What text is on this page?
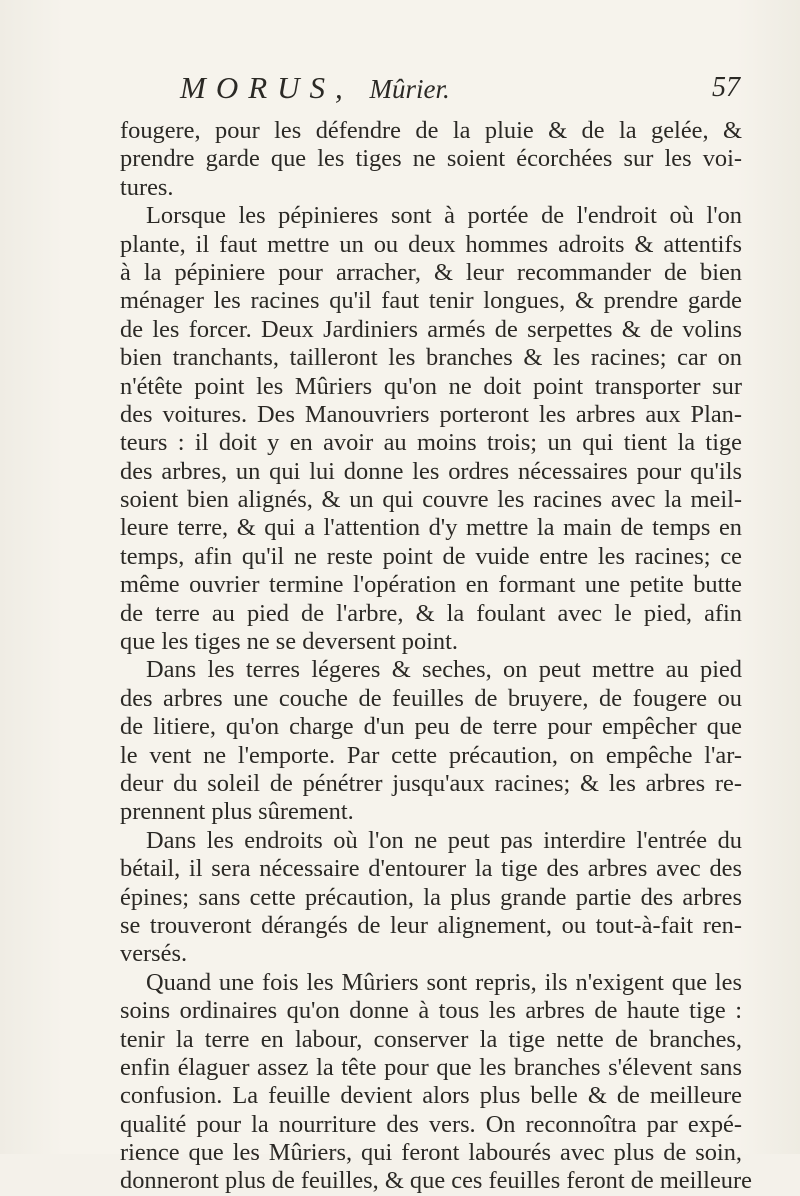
MORUS, Mûrier.	57
fougere, pour les défendre de la pluie & de la gelée, &
prendre garde que les tiges ne soient écorchées sur les voi-
tures.
Lorsque les pépinieres sont à portée de l'endroit où l'on
plante, il faut mettre un ou deux hommes adroits & attentifs
à la pépiniere pour arracher, & leur recommander de bien
ménager les racines qu'il faut tenir longues, & prendre garde
de les forcer. Deux Jardiniers armés de serpettes & de volins
bien tranchants, tailleront les branches & les racines; car on
n'étête point les Mûriers qu'on ne doit point transporter sur
des voitures. Des Manouvriers porteront les arbres aux Plan-
teurs : il doit y en avoir au moins trois; un qui tient la tige
des arbres, un qui lui donne les ordres nécessaires pour qu'ils
soient bien alignés, & un qui couvre les racines avec la meil-
leure terre, & qui a l'attention d'y mettre la main de temps en
temps, afin qu'il ne reste point de vuide entre les racines; ce
même ouvrier termine l'opération en formant une petite butte
de terre au pied de l'arbre, & la foulant avec le pied, afin
que les tiges ne se deversent point.
Dans les terres légeres & seches, on peut mettre au pied
des arbres une couche de feuilles de bruyere, de fougere ou
de litiere, qu'on charge d'un peu de terre pour empêcher que
le vent ne l'emporte. Par cette précaution, on empêche l'ar-
deur du soleil de pénétrer jusqu'aux racines; & les arbres re-
prennent plus sûrement.
Dans les endroits où l'on ne peut pas interdire l'entrée du
bétail, il sera nécessaire d'entourer la tige des arbres avec des
épines; sans cette précaution, la plus grande partie des arbres
se trouveront dérangés de leur alignement, ou tout-à-fait ren-
versés.
Quand une fois les Mûriers sont repris, ils n'exigent que les
soins ordinaires qu'on donne à tous les arbres de haute tige :
tenir la terre en labour, conserver la tige nette de branches,
enfin élaguer assez la tête pour que les branches s'élevent sans
confusion. La feuille devient alors plus belle & de meilleure
qualité pour la nourriture des vers. On reconnoîtra par expé-
rience que les Mûriers, qui feront labourés avec plus de soin,
donneront plus de feuilles, & que ces feuilles feront de meilleure
